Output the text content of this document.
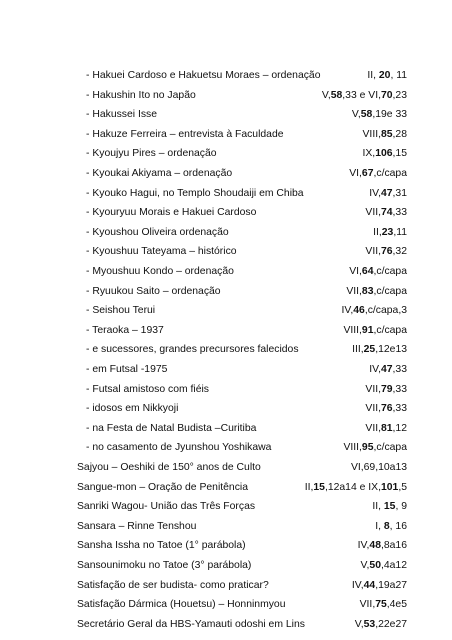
- Hakuei Cardoso e Hakuetsu Moraes – ordenação	II, 20, 11
- Hakushin Ito no Japão	V,58,33 e VI,70,23
- Hakussei Isse	V,58,19e 33
- Hakuze Ferreira – entrevista à Faculdade	VIII,85,28
- Kyoujyu Pires – ordenação	IX,106,15
- Kyoukai Akiyama – ordenação	VI,67,c/capa
- Kyouko Hagui, no Templo Shoudaiji em Chiba	IV,47,31
- Kyouryuu Morais e Hakuei Cardoso	VII,74,33
- Kyoushou Oliveira ordenação	II,23,11
- Kyoushuu Tateyama – histórico	VII,76,32
- Myoushuu Kondo – ordenação	VI,64,c/capa
- Ryuukou Saito – ordenação	VII,83,c/capa
- Seishou Terui	IV,46,c/capa,3
- Teraoka – 1937	VIII,91,c/capa
- e sucessores, grandes precursores falecidos	III,25,12e13
- em Futsal -1975	IV,47,33
- Futsal amistoso com fiéis	VII,79,33
- idosos em Nikkyoji	VII,76,33
- na Festa de Natal Budista –Curitiba	VII,81,12
- no casamento de Jyunshou Yoshikawa	VIII,95,c/capa
Sajyou – Oeshiki de 150° anos de Culto	VI,69,10a13
Sangue-mon – Oração de Penitência	II,15,12a14 e IX,101,5
Sanriki Wagou- União das Três Forças	II, 15, 9
Sansara – Rinne Tenshou	I, 8, 16
Sansha Issha no Tatoe (1° parábola)	IV,48,8a16
Sansounimoku no Tatoe (3° parábola)	V,50,4a12
Satisfação de ser budista- como praticar?	IV,44,19a27
Satisfação Dármica (Houetsu) – Honninmyou	VII,75,4e5
Secretário Geral da HBS-Yamauti odoshi em Lins	V,53,22e27
